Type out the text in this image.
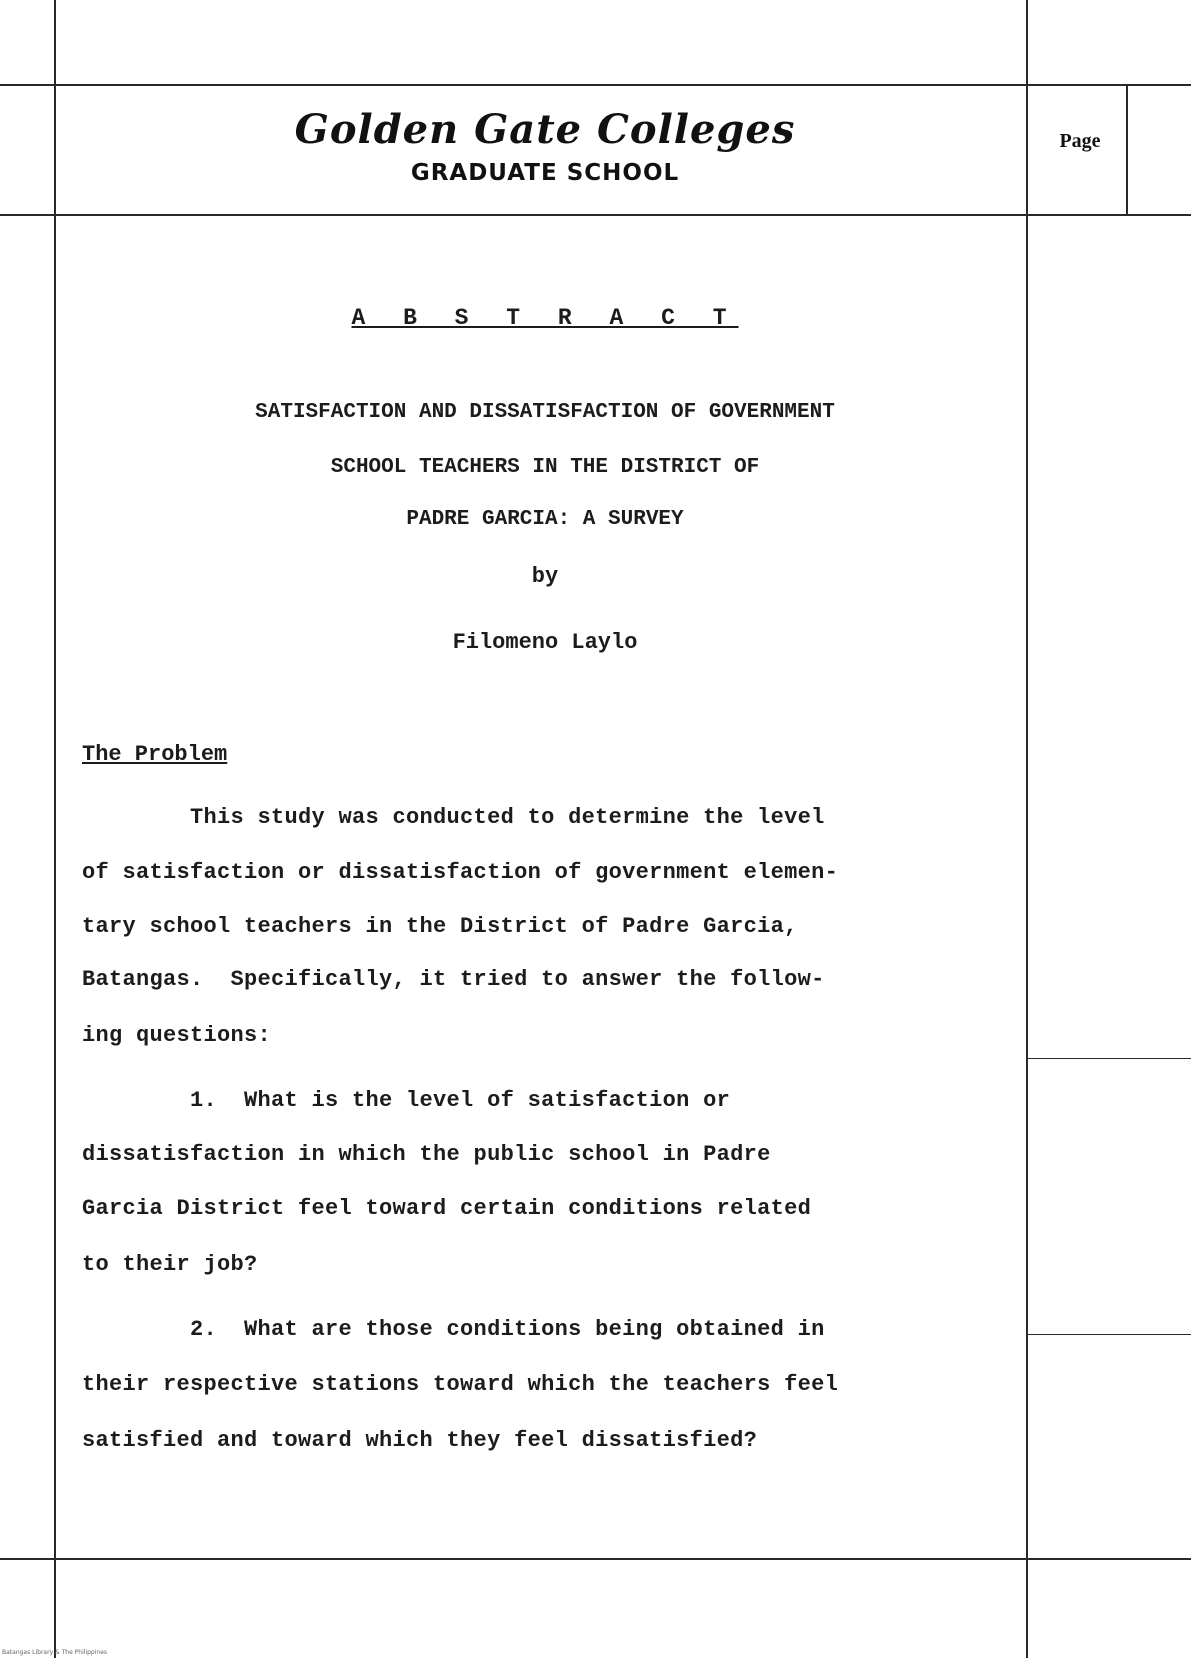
Golden Gate Colleges
GRADUATE SCHOOL
Page
A B S T R A C T
SATISFACTION AND DISSATISFACTION OF GOVERNMENT
SCHOOL TEACHERS IN THE DISTRICT OF
PADRE GARCIA: A SURVEY
by
Filomeno Laylo
The Problem
This study was conducted to determine the level
of satisfaction or dissatisfaction of government elemen-
tary school teachers in the District of Padre Garcia,
Batangas.  Specifically, it tried to answer the follow-
ing questions:
1.  What is the level of satisfaction or
dissatisfaction in which the public school in Padre
Garcia District feel toward certain conditions related
to their job?
2.  What are those conditions being obtained in
their respective stations toward which the teachers feel
satisfied and toward which they feel dissatisfied?
Batangas Library & The Philippines
